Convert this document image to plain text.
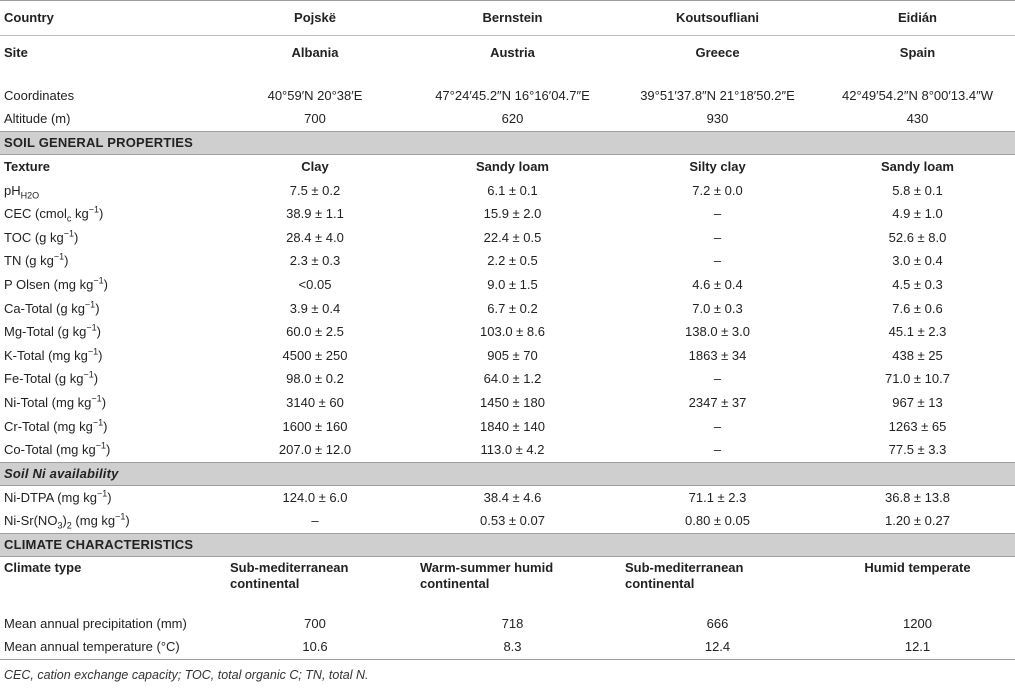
Country	Pojskë	Bernstein	Koutsoufliani	Eidián
Site	Albania	Austria	Greece	Spain

Coordinates	40°59′N 20°38′E	47°24′45.2″N 16°16′04.7″E	39°51′37.8″N 21°18′50.2″E	42°49′54.2″N 8°00′13.4″W
Altitude (m)	700	620	930	430
SOIL GENERAL PROPERTIES				
Texture	Clay	Sandy loam	Silty clay	Sandy loam
$pH_{H2O}$	7.5 ± 0.2	6.1 ± 0.1	7.2 ± 0.0	5.8 ± 0.1
CEC (cmol$_c$ $kg^{-1}$)	38.9 ± 1.1	15.9 ± 2.0	–	4.9 ± 1.0
TOC (g $kg^{-1}$)	28.4 ± 4.0	22.4 ± 0.5	–	52.6 ± 8.0
TN (g $kg^{-1}$)	2.3 ± 0.3	2.2 ± 0.5	–	3.0 ± 0.4
P Olsen (mg $kg^{-1}$)	<0.05	9.0 ± 1.5	4.6 ± 0.4	4.5 ± 0.3
Ca-Total (g $kg^{-1}$)	3.9 ± 0.4	6.7 ± 0.2	7.0 ± 0.3	7.6 ± 0.6
Mg-Total (g $kg^{-1}$)	60.0 ± 2.5	103.0 ± 8.6	138.0 ± 3.0	45.1 ± 2.3
K-Total (mg $kg^{-1}$)	4500 ± 250	905 ± 70	1863 ± 34	438 ± 25
Fe-Total (g $kg^{-1}$)	98.0 ± 0.2	64.0 ± 1.2	–	71.0 ± 10.7
Ni-Total (mg $kg^{-1}$)	3140 ± 60	1450 ± 180	2347 ± 37	967 ± 13
Cr-Total (mg $kg^{-1}$)	1600 ± 160	1840 ± 140	–	1263 ± 65
Co-Total (mg $kg^{-1}$)	207.0 ± 12.0	113.0 ± 4.2	–	77.5 ± 3.3
Soil Ni availability				
Ni-DTPA (mg $kg^{-1}$)	124.0 ± 6.0	38.4 ± 4.6	71.1 ± 2.3	36.8 ± 13.8
$Ni-Sr(NO_3)_2$ (mg $kg^{-1}$)	–	0.53 ± 0.07	0.80 ± 0.05	1.20 ± 0.27
CLIMATE CHARACTERISTICS				
Climate type	Sub-mediterranean continental	Warm-summer humid continental	Sub-mediterranean continental	Humid temperate
Mean annual precipitation (mm)	700	718	666	1200
Mean annual temperature (°C)	10.6	8.3	12.4	12.1
CEC, cation exchange capacity; TOC, total organic C; TN, total N.
